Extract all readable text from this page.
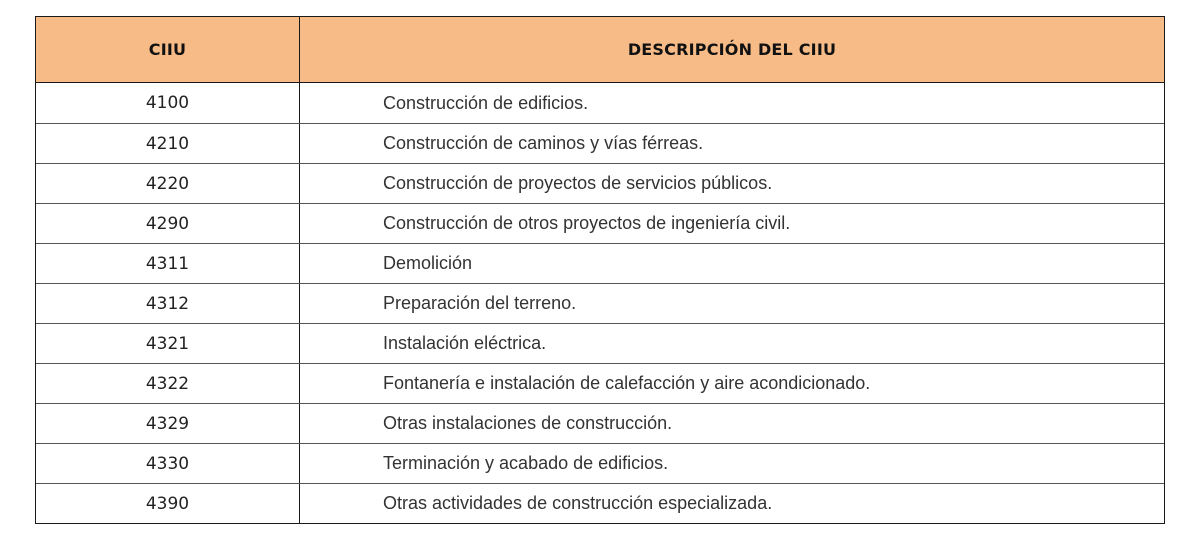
CIIU	DESCRIPCIÓN DEL CIIU
4100	Construcción de edificios.
4210	Construcción de caminos y vías férreas.
4220	Construcción de proyectos de servicios públicos.
4290	Construcción de otros proyectos de ingeniería civil.
4311	Demolición
4312	Preparación del terreno.
4321	Instalación eléctrica.
4322	Fontanería e instalación de calefacción y aire acondicionado.
4329	Otras instalaciones de construcción.
4330	Terminación y acabado de edificios.
4390	Otras actividades de construcción especializada.
